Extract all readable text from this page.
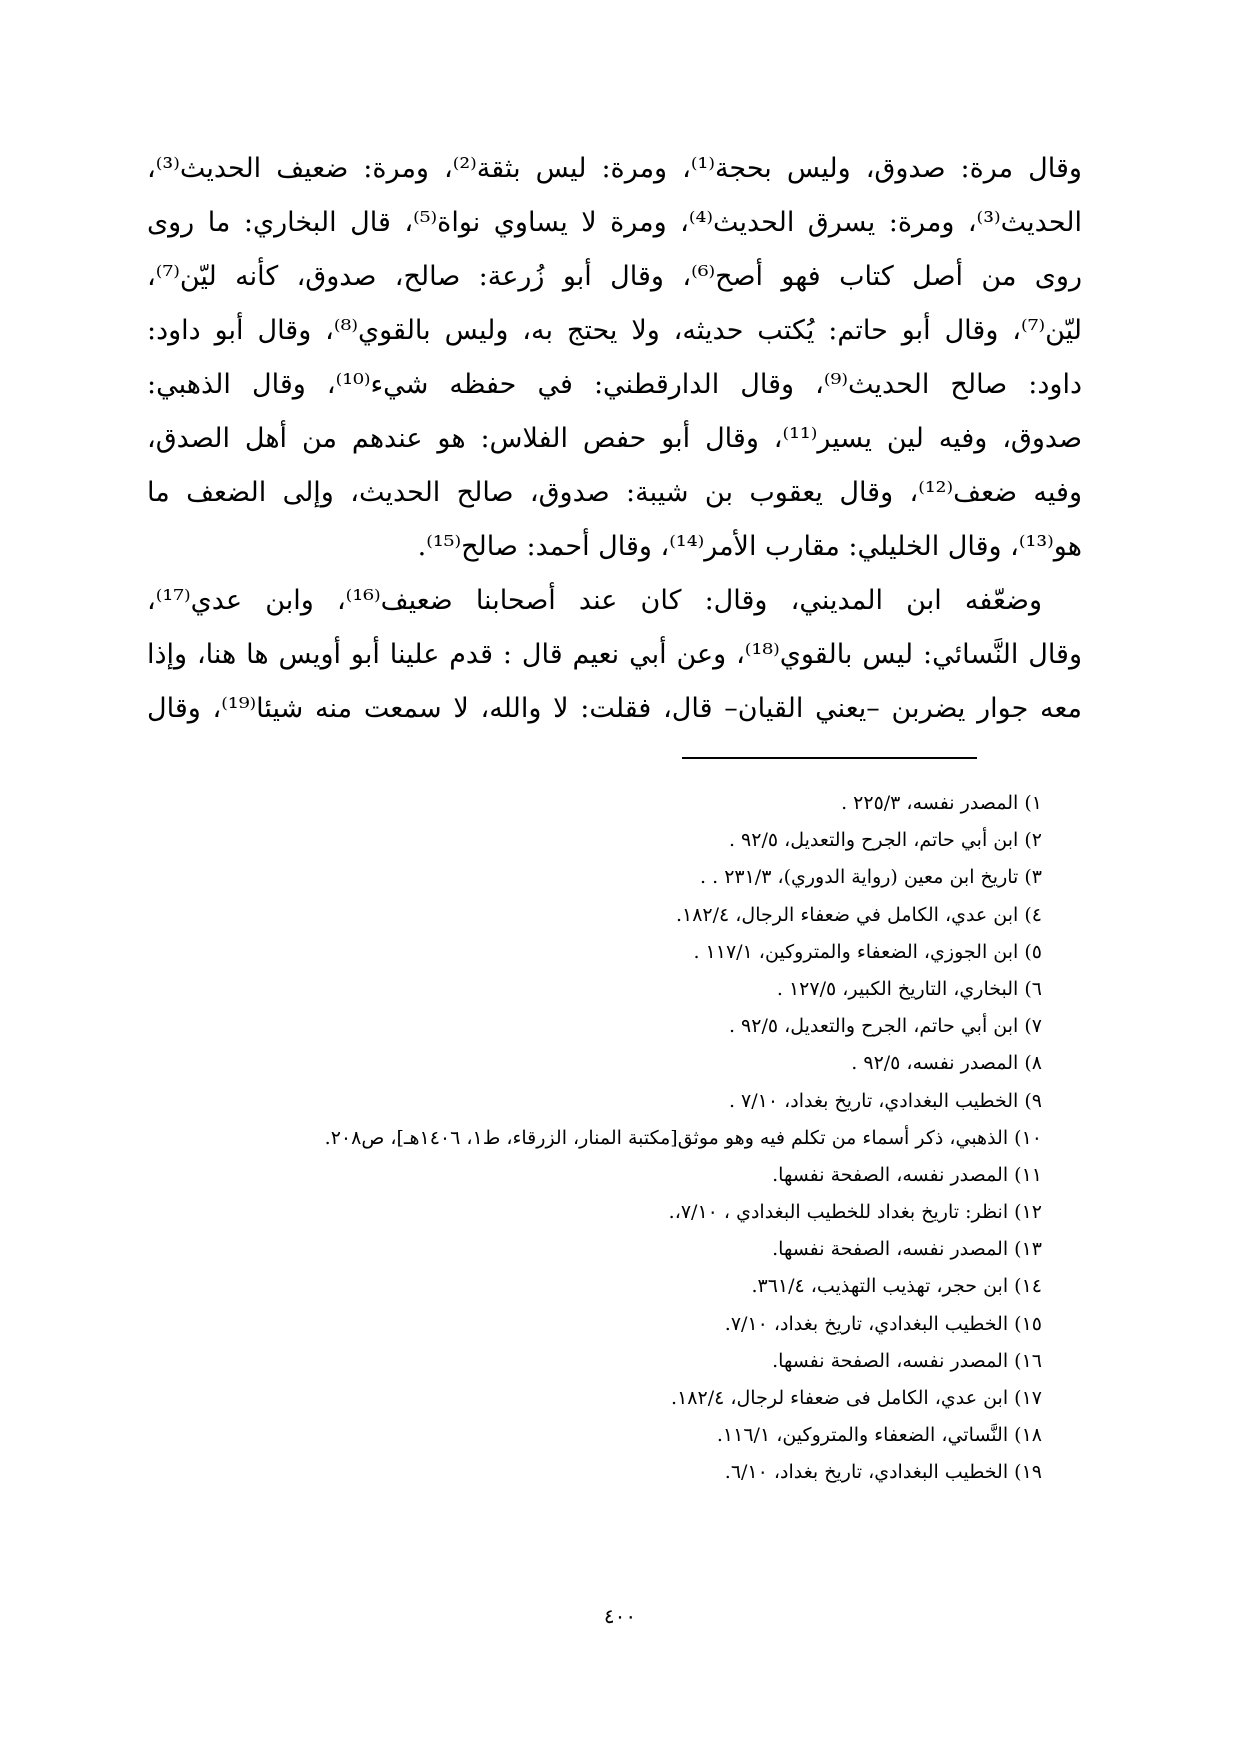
وقال مرة: صدوق، وليس بحجة⁽¹⁾، ومرة: ليس بثقة⁽²⁾، ومرة: ضعيف الحديث⁽³⁾،
الحديث⁽³⁾، ومرة: يسرق الحديث⁽⁴⁾، ومرة لا يساوي نواة⁽⁵⁾، قال البخاري: ما روى
روى من أصل كتاب فهو أصح⁽⁶⁾، وقال أبو زُرعة: صالح، صدوق، كأنه ليّن⁽⁷⁾،
ليّن⁽⁷⁾، وقال أبو حاتم: يُكتب حديثه، ولا يحتج به، وليس بالقوي⁽⁸⁾، وقال أبو داود:
داود: صالح الحديث⁽⁹⁾، وقال الدارقطني: في حفظه شيء⁽¹⁰⁾، وقال الذهبي:
صدوق، وفيه لين يسير⁽¹¹⁾، وقال أبو حفص الفلاس: هو عندهم من أهل الصدق،
وفيه ضعف⁽¹²⁾، وقال يعقوب بن شيبة: صدوق، صالح الحديث، وإلى الضعف ما
هو⁽¹³⁾، وقال الخليلي: مقارب الأمر⁽¹⁴⁾، وقال أحمد: صالح⁽¹⁵⁾.
وضعّفه ابن المديني، وقال: كان عند أصحابنا ضعيف⁽¹⁶⁾، وابن عدي⁽¹⁷⁾،
وقال النَّسائي: ليس بالقوي⁽¹⁸⁾، وعن أبي نعيم قال : قدم علينا أبو أويس ها هنا، وإذا
معه جوار يضربن –يعني القيان– قال، فقلت: لا والله، لا سمعت منه شيئا⁽¹⁹⁾، وقال
١) المصدر نفسه، ٢٢٥/٣ .
٢) ابن أبي حاتم، الجرح والتعديل، ٩٢/٥ .
٣) تاريخ ابن معين (رواية الدوري)، ٢٣١/٣ . .
٤) ابن عدي، الكامل في ضعفاء الرجال، ١٨٢/٤.
٥) ابن الجوزي، الضعفاء والمتروكين، ١١٧/١ .
٦) البخاري، التاريخ الكبير، ١٢٧/٥ .
٧) ابن أبي حاتم، الجرح والتعديل، ٩٢/٥ .
٨) المصدر نفسه، ٩٢/٥ .
٩) الخطيب البغدادي، تاريخ بغداد، ٧/١٠ .
١٠) الذهبي، ذكر أسماء من تكلم فيه وهو موثق[مكتبة المنار، الزرقاء، ط١، ١٤٠٦هـ]، ص٢٠٨.
١١) المصدر نفسه، الصفحة نفسها.
١٢) انظر: تاريخ بغداد للخطيب البغدادي ، ٧/١٠،.
١٣) المصدر نفسه، الصفحة نفسها.
١٤) ابن حجر، تهذيب التهذيب، ٣٦١/٤.
١٥) الخطيب البغدادي، تاريخ بغداد، ٧/١٠.
١٦) المصدر نفسه، الصفحة نفسها.
١٧) ابن عدي، الكامل فى ضعفاء لرجال، ١٨٢/٤.
١٨) النَّساتي، الضعفاء والمتروكين، ١١٦/١.
١٩) الخطيب البغدادي، تاريخ بغداد، ٦/١٠.
٤٠٠
